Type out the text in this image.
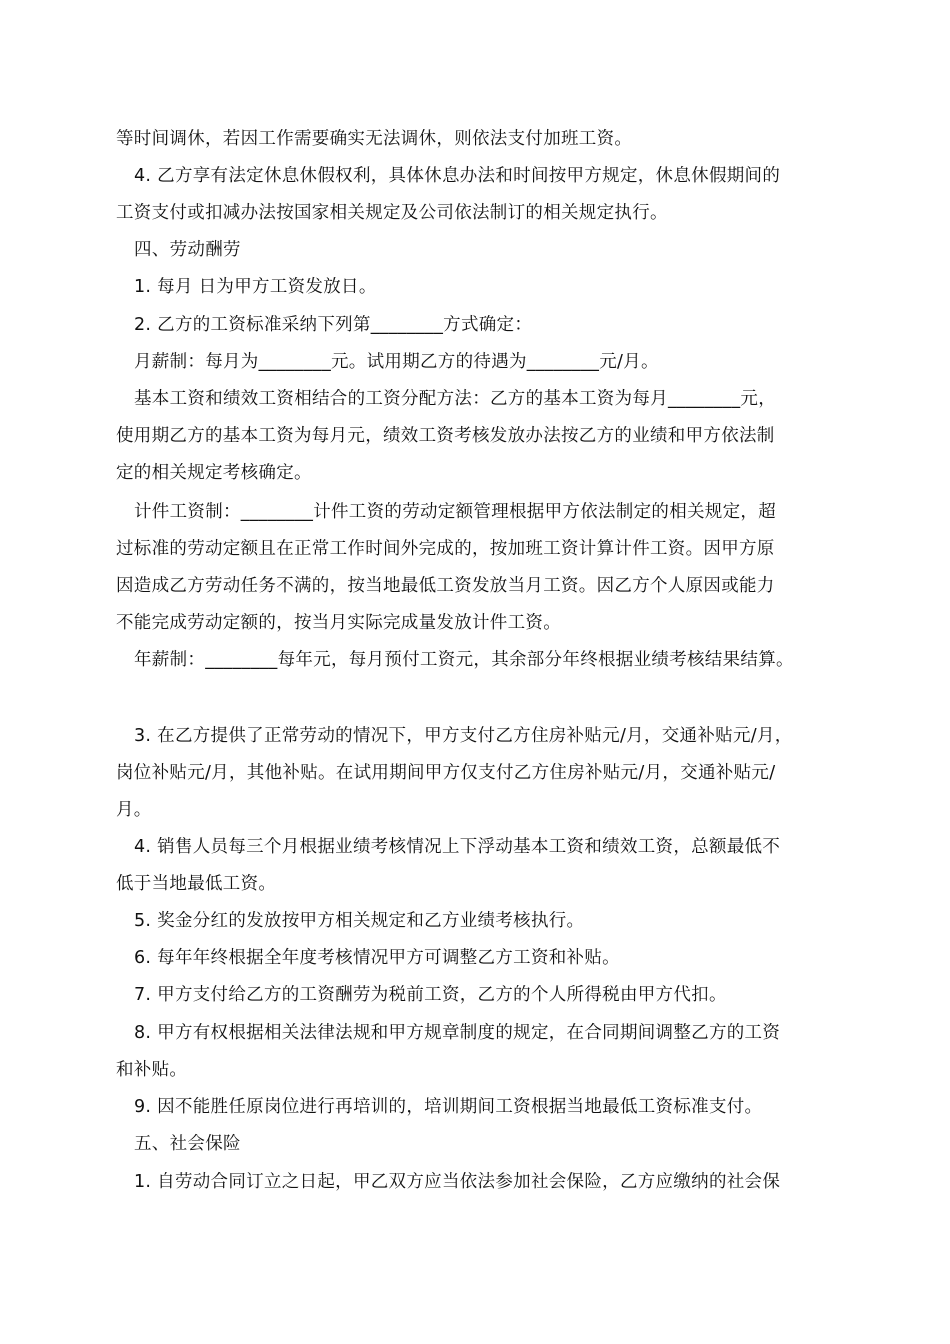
等时间调休，若因工作需要确实无法调休，则依法支付加班工资。
4. 乙方享有法定休息休假权利，具体休息办法和时间按甲方规定，休息休假期间的
工资支付或扣减办法按国家相关规定及公司依法制订的相关规定执行。
四、劳动酬劳
1. 每月 日为甲方工资发放日。
2. 乙方的工资标准采纳下列第________方式确定：
月薪制：每月为________元。试用期乙方的待遇为________元/月。
基本工资和绩效工资相结合的工资分配方法：乙方的基本工资为每月________元，
使用期乙方的基本工资为每月元，绩效工资考核发放办法按乙方的业绩和甲方依法制
定的相关规定考核确定。
计件工资制：________计件工资的劳动定额管理根据甲方依法制定的相关规定，超
过标准的劳动定额且在正常工作时间外完成的，按加班工资计算计件工资。因甲方原
因造成乙方劳动任务不满的，按当地最低工资发放当月工资。因乙方个人原因或能力
不能完成劳动定额的，按当月实际完成量发放计件工资。
年薪制：________每年元，每月预付工资元，其余部分年终根据业绩考核结果结算。
3. 在乙方提供了正常劳动的情况下，甲方支付乙方住房补贴元/月，交通补贴元/月，
岗位补贴元/月，其他补贴。在试用期间甲方仅支付乙方住房补贴元/月，交通补贴元/
月。
4. 销售人员每三个月根据业绩考核情况上下浮动基本工资和绩效工资，总额最低不
低于当地最低工资。
5. 奖金分红的发放按甲方相关规定和乙方业绩考核执行。
6. 每年年终根据全年度考核情况甲方可调整乙方工资和补贴。
7. 甲方支付给乙方的工资酬劳为税前工资，乙方的个人所得税由甲方代扣。
8. 甲方有权根据相关法律法规和甲方规章制度的规定，在合同期间调整乙方的工资
和补贴。
9. 因不能胜任原岗位进行再培训的，培训期间工资根据当地最低工资标准支付。
五、社会保险
1. 自劳动合同订立之日起，甲乙双方应当依法参加社会保险，乙方应缴纳的社会保
